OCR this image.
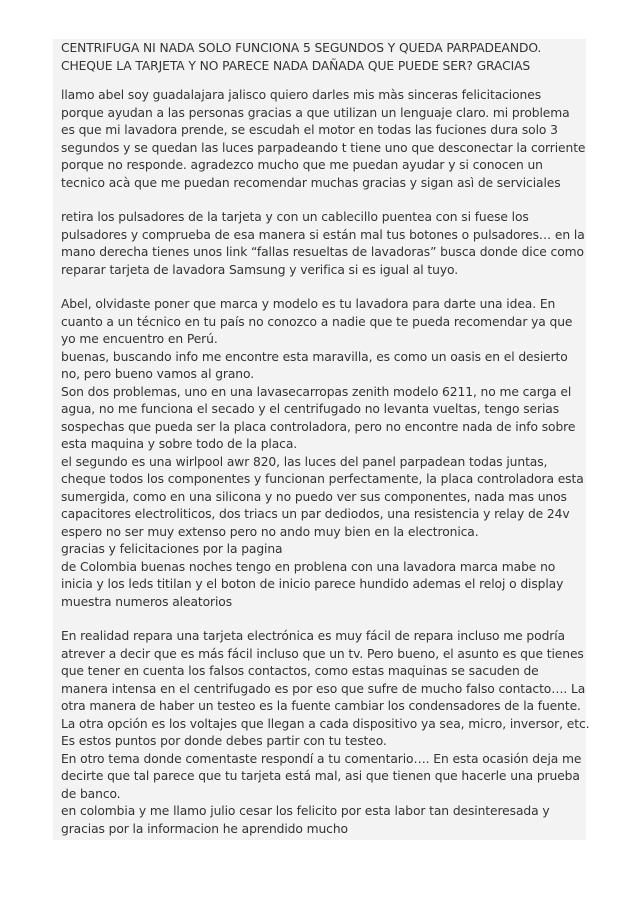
CENTRIFUGA NI NADA SOLO FUNCIONA 5 SEGUNDOS Y QUEDA PARPADEANDO.
CHEQUE LA TARJETA Y NO PARECE NADA DAÑADA QUE PUEDE SER? GRACIAS
llamo abel soy guadalajara jalisco quiero darles mis màs sinceras felicitaciones
porque ayudan a las personas gracias a que utilizan un lenguaje claro. mi problema
es que mi lavadora prende, se escudah el motor en todas las fuciones dura solo 3
segundos y se quedan las luces parpadeando t tiene uno que desconectar la corriente
porque no responde. agradezco mucho que me puedan ayudar y si conocen un
tecnico acà que me puedan recomendar muchas gracias y sigan asì de serviciales
retira los pulsadores de la tarjeta y con un cablecillo puentea con si fuese los
pulsadores y comprueba de esa manera si están mal tus botones o pulsadores… en la
mano derecha tienes unos link “fallas resueltas de lavadoras” busca donde dice como
reparar tarjeta de lavadora Samsung y verifica si es igual al tuyo.
Abel, olvidaste poner que marca y modelo es tu lavadora para darte una idea. En
cuanto a un técnico en tu país no conozco a nadie que te pueda recomendar ya que
yo me encuentro en Perú.
buenas, buscando info me encontre esta maravilla, es como un oasis en el desierto
no, pero bueno vamos al grano.
Son dos problemas, uno en una lavasecarropas zenith modelo 6211, no me carga el
agua, no me funciona el secado y el centrifugado no levanta vueltas, tengo serias
sospechas que pueda ser la placa controladora, pero no encontre nada de info sobre
esta maquina y sobre todo de la placa.
el segundo es una wirlpool awr 820, las luces del panel parpadean todas juntas,
cheque todos los componentes y funcionan perfectamente, la placa controladora esta
sumergida, como en una silicona y no puedo ver sus componentes, nada mas unos
capacitores electroliticos, dos triacs un par dediodos, una resistencia y relay de 24v
espero no ser muy extenso pero no ando muy bien en la electronica.
gracias y felicitaciones por la pagina
de Colombia buenas noches tengo en problena con una lavadora marca mabe no
inicia y los leds titilan y el boton de inicio parece hundido ademas el reloj o display
muestra numeros aleatorios
En realidad repara una tarjeta electrónica es muy fácil de repara incluso me podría
atrever a decir que es más fácil incluso que un tv. Pero bueno, el asunto es que tienes
que tener en cuenta los falsos contactos, como estas maquinas se sacuden de
manera intensa en el centrifugado es por eso que sufre de mucho falso contacto…. La
otra manera de haber un testeo es la fuente cambiar los condensadores de la fuente.
La otra opción es los voltajes que llegan a cada dispositivo ya sea, micro, inversor, etc.
Es estos puntos por donde debes partir con tu testeo.
En otro tema donde comentaste respondí a tu comentario…. En esta ocasión deja me
decirte que tal parece que tu tarjeta está mal, asi que tienen que hacerle una prueba
de banco.
en colombia y me llamo julio cesar los felicito por esta labor tan desinteresada y
gracias por la informacion he aprendido mucho
